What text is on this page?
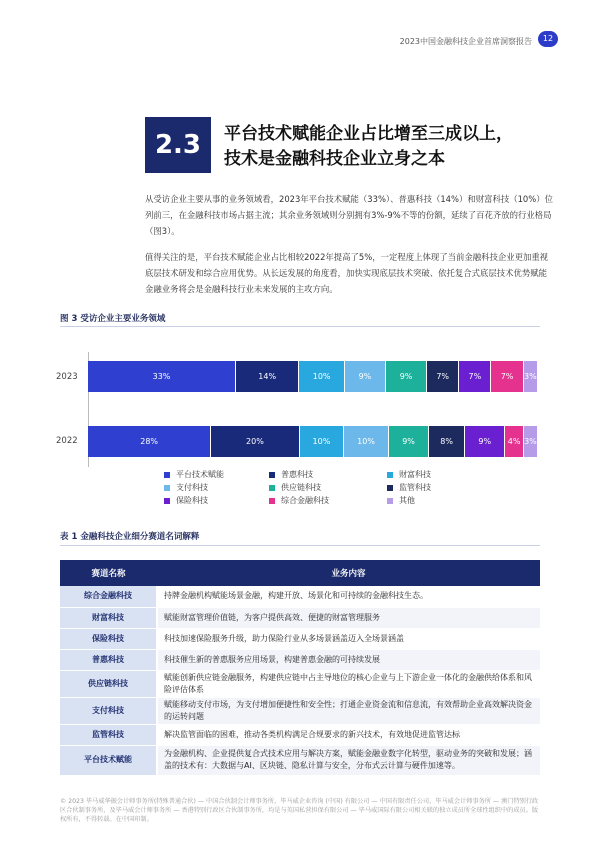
2023中国金融科技企业首席洞察报告	12
2.3	平台技术赋能企业占比增至三成以上，
技术是金融科技企业立身之本
从受访企业主要从事的业务领域看，2023年平台技术赋能（33%）、普惠科技（14%）和财富科技（10%）位列前三，在金融科技市场占据主流；其余业务领域则分别拥有3%-9%不等的份额，延续了百花齐放的行业格局（图3）。
值得关注的是，平台技术赋能企业占比相较2022年提高了5%，一定程度上体现了当前金融科技企业更加重视底层技术研发和综合应用优势。从长远发展的角度看，加快实现底层技术突破、依托复合式底层技术优势赋能金融业务将会是金融科技行业未来发展的主攻方向。
图 3 受访企业主要业务领域
2023
2022
33%	14%	10%	9%	9%	7%	7%	7%	3%
28%	20%	10%	10%	9%	8%	9%	4% 3%
平台技术赋能	普惠科技	财富科技
支付科技	供应链科技	监管科技
保险科技	综合金融科技	其他
表 1 金融科技企业细分赛道名词解释
赛道名称	业务内容
综合金融科技	持牌金融机构赋能场景金融，构建开放、场景化和可持续的金融科技生态。
财富科技	赋能财富管理价值链，为客户提供高效、便捷的财富管理服务
保险科技	科技加速保险服务升级，助力保险行业从多场景涵盖迈入全场景涵盖
普惠科技	科技催生新的普惠服务应用场景，构建普惠金融的可持续发展
供应链科技	赋能创新供应链金融服务，构建供应链中占主导地位的核心企业与上下游企业一体化的金融供给体系和风险评估体系
支付科技	赋能移动支付市场，为支付增加便捷性和安全性；打通企业资金流和信息流，有效帮助企业高效解决资金的运转问题
监管科技	解决监管面临的困难，推动各类机构满足合规要求的新兴技术，有效地促进监管达标
平台技术赋能	为金融机构、企业提供复合式技术应用与解决方案，赋能金融业数字化转型，驱动业务的突破和发展；涵盖的技术有：大数据与AI、区块链、隐私计算与安全，分布式云计算与硬件加速等。
© 2023 毕马威华振会计师事务所(特殊普通合伙) — 中国合伙制会计师事务所，毕马威企业咨询 (中国) 有限公司 — 中国有限责任公司，毕马威会计师事务所 — 澳门特别行政区合伙制事务所，及毕马威会计师事务所 — 香港特别行政区合伙制事务所，均是与英国私营担保有限公司 — 毕马威国际有限公司相关联的独立成员所全球性组织中的成员。版权所有，不得转载。在中国印制。
